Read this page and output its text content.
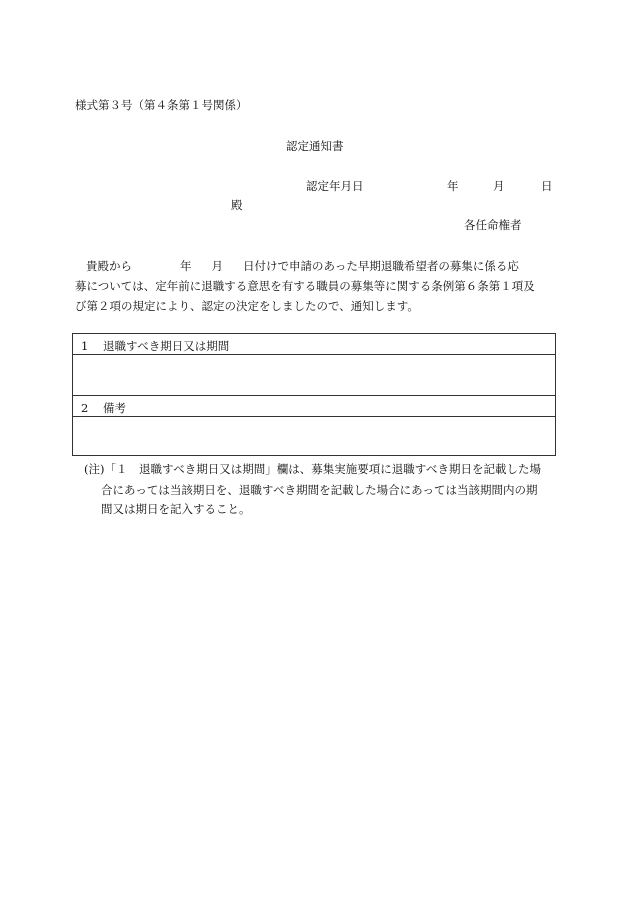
様式第３号（第４条第１号関係）
認定通知書
認定年月日	年	月	日
殿
各任命権者
貴殿から	年 月 日付けで申請のあった早期退職希望者の募集に係る応
募については、定年前に退職する意思を有する職員の募集等に関する条例第６条第１項及
び第２項の規定により、認定の決定をしましたので、通知します。
1 退職すべき期日又は期間
2 備考
(注)「１　退職すべき期日又は期間」欄は、募集実施要項に退職すべき期日を記載した場
合にあっては当該期日を、退職すべき期間を記載した場合にあっては当該期間内の期
間又は期日を記入すること。
